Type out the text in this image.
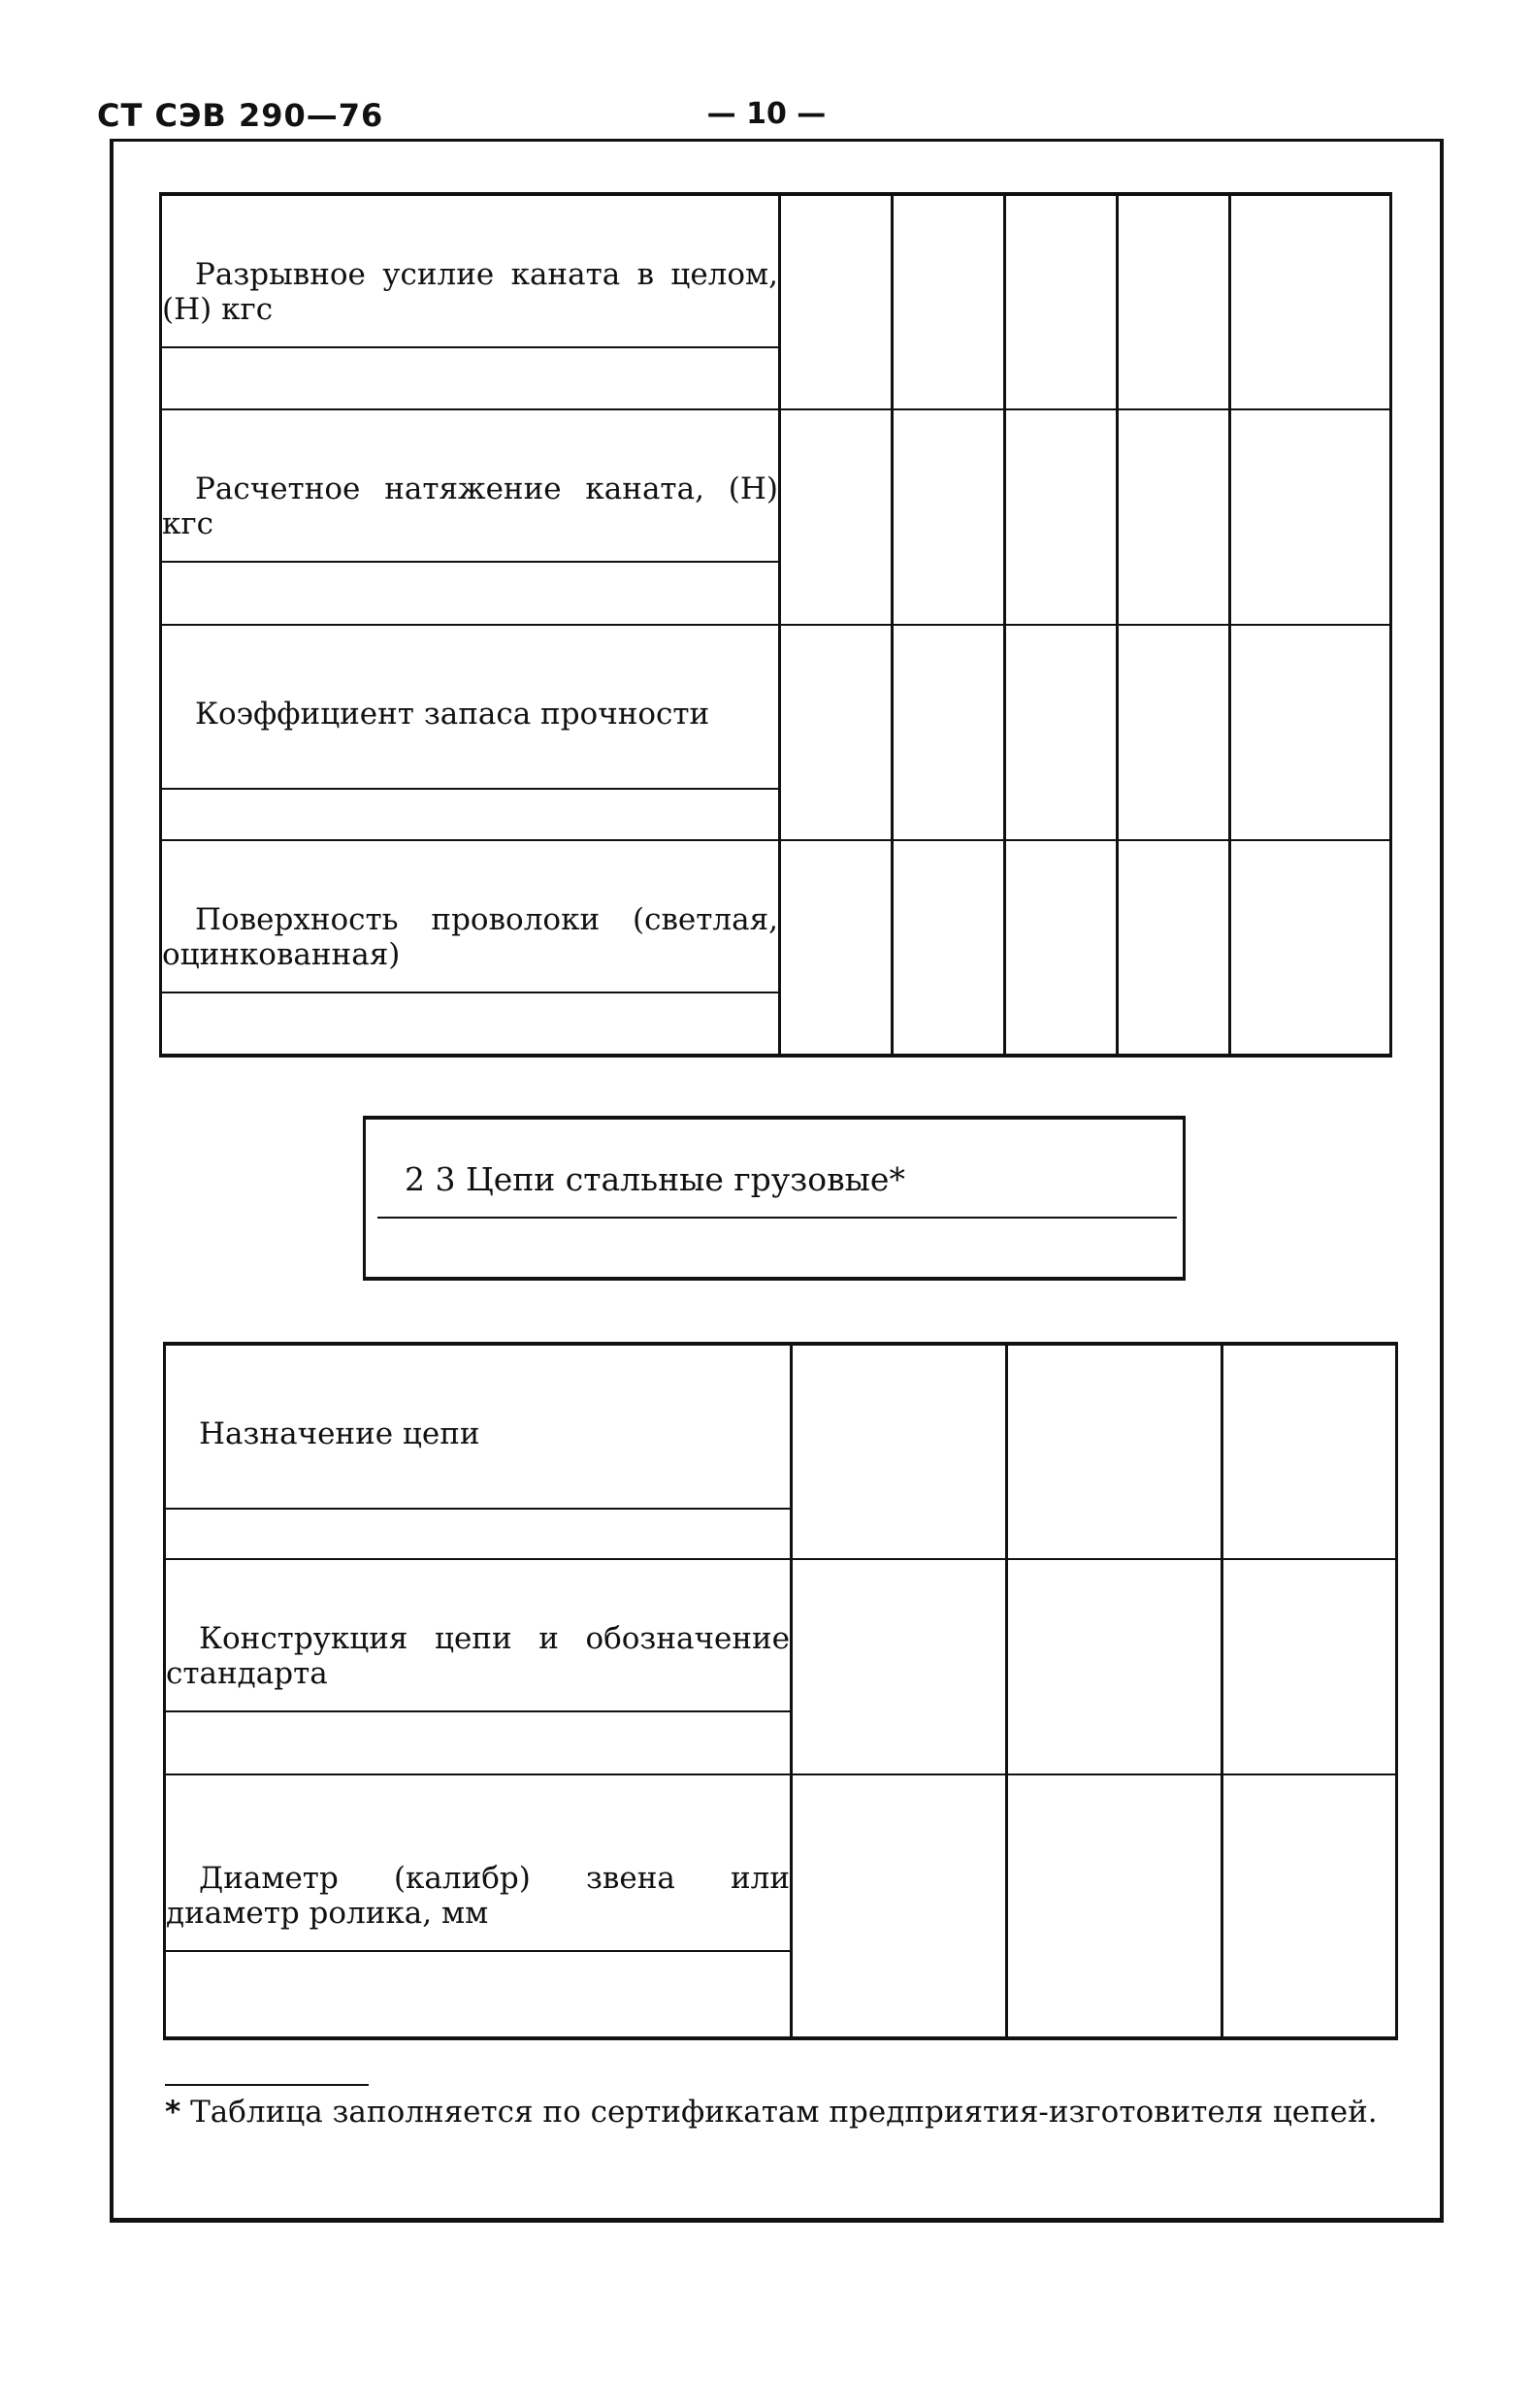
СТ СЭВ 290—76	— 10 —
Разрывное усилие каната в целом, (Н) кгс					

Расчетное натяжение каната, (Н) кгс					

Коэффициент запаса прочности					

Поверхность проволоки (светлая, оцинкованная)					

2 3 Цепи стальные грузовые*
Назначение цепи			

Конструкция цепи и обозначение стандарта			

Диаметр (калибр) звена или диаметр ролика, мм			

* Таблица заполняется по сертификатам предприятия-изготовителя цепей.
